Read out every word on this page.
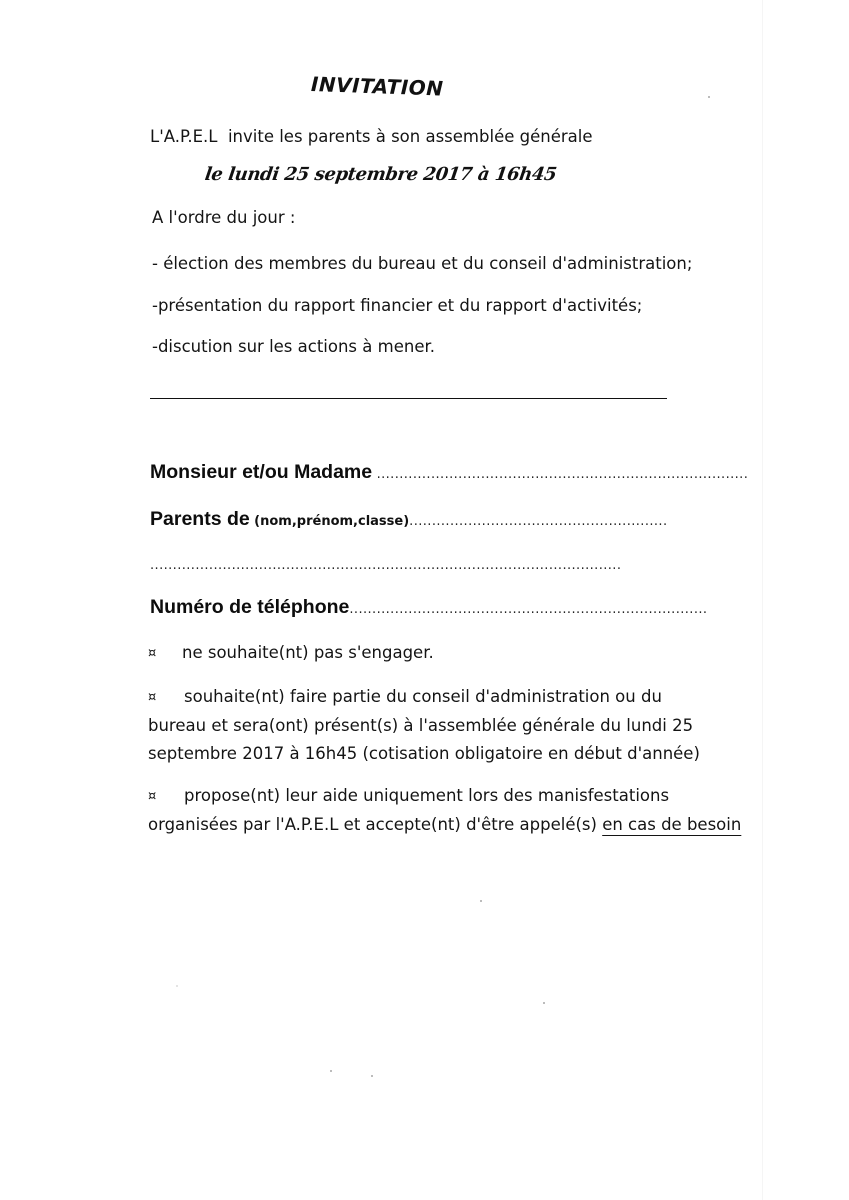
INVITATION
L'A.P.E.L invite les parents à son assemblée générale
le lundi 25 septembre 2017 à 16h45
A l'ordre du jour :
- élection des membres du bureau et du conseil d'administration;
-présentation du rapport financier et du rapport d'activités;
-discution sur les actions à mener.
Monsieur et/ou Madame ..................................................................................
Parents de (nom,prénom,classe).........................................................
........................................................................................................
Numéro de téléphone...............................................................................
¤ ne souhaite(nt) pas s'engager.
¤ souhaite(nt) faire partie du conseil d'administration ou du
bureau et sera(ont) présent(s) à l'assemblée générale du lundi 25
septembre 2017 à 16h45 (cotisation obligatoire en début d'année)
¤ propose(nt) leur aide uniquement lors des manisfestations
organisées par l'A.P.E.L et accepte(nt) d'être appelé(s) en cas de besoin
